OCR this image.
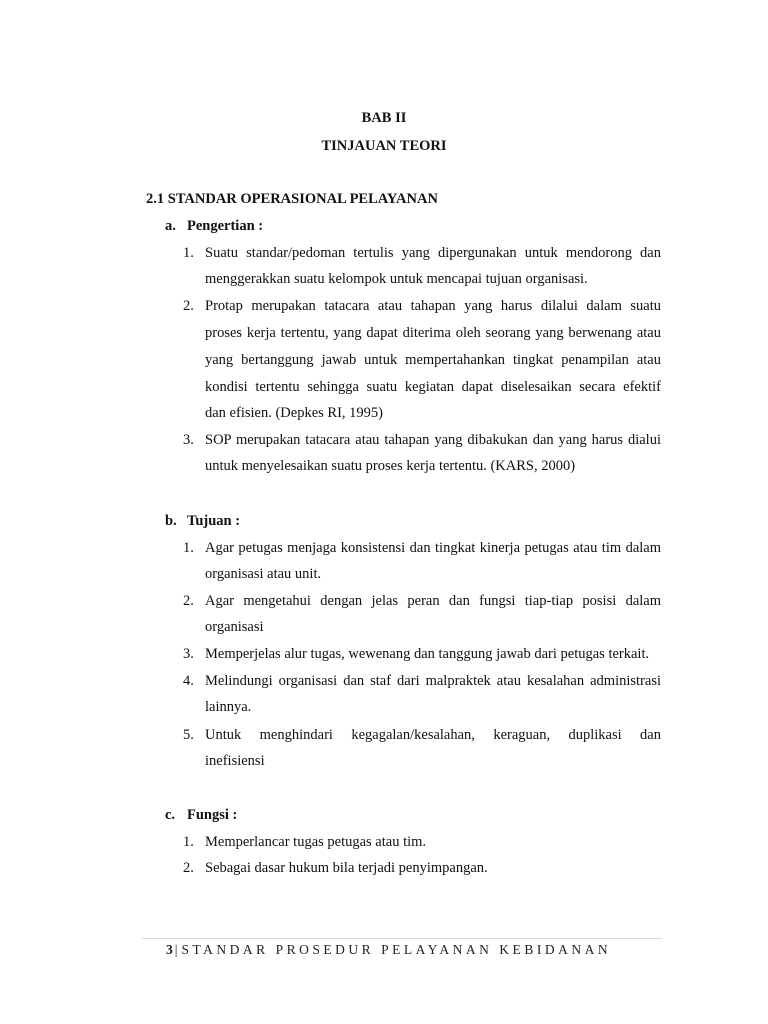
BAB II
TINJAUAN TEORI
2.1 STANDAR OPERASIONAL PELAYANAN
a. Pengertian :
1. Suatu standar/pedoman tertulis yang dipergunakan untuk mendorong dan
menggerakkan suatu kelompok untuk mencapai tujuan organisasi.
2. Protap merupakan tatacara atau tahapan yang harus dilalui dalam suatu
proses kerja tertentu, yang dapat diterima oleh seorang yang berwenang atau
yang bertanggung jawab untuk mempertahankan tingkat penampilan atau
kondisi tertentu sehingga suatu kegiatan dapat diselesaikan secara efektif
dan efisien. (Depkes RI, 1995)
3. SOP merupakan tatacara atau tahapan yang dibakukan dan yang harus dialui
untuk menyelesaikan suatu proses kerja tertentu. (KARS, 2000)
b. Tujuan :
1. Agar petugas menjaga konsistensi dan tingkat kinerja petugas atau tim dalam
organisasi atau unit.
2. Agar mengetahui dengan jelas peran dan fungsi tiap-tiap posisi dalam
organisasi
3. Memperjelas alur tugas, wewenang dan tanggung jawab dari petugas terkait.
4. Melindungi organisasi dan staf dari malpraktek atau kesalahan administrasi
lainnya.
5. Untuk menghindari kegagalan/kesalahan, keraguan, duplikasi dan
inefisiensi
c. Fungsi :
1. Memperlancar tugas petugas atau tim.
2. Sebagai dasar hukum bila terjadi penyimpangan.
3 | STANDAR PROSEDUR PELAYANAN KEBIDANAN
